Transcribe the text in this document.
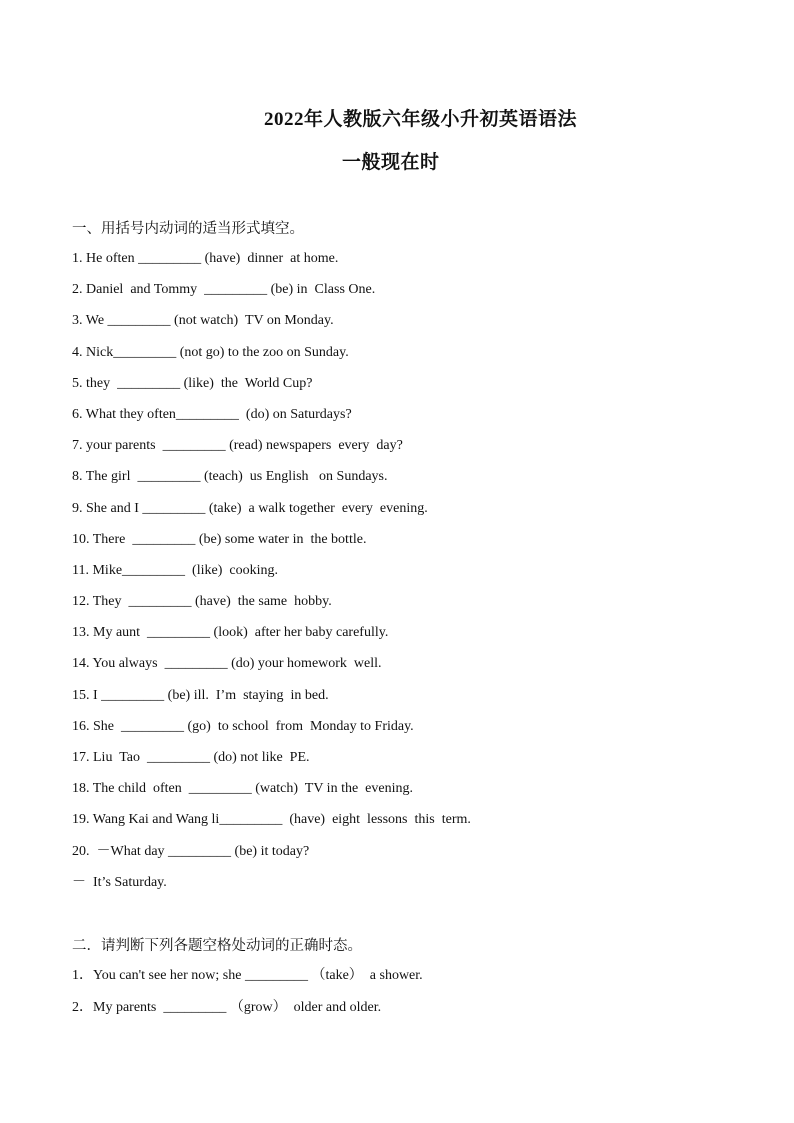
2022年人教版六年级小升初英语语法
一般现在时
一、用括号内动词的适当形式填空。
1. He often _________ (have)  dinner  at home.
2. Daniel  and Tommy  _________ (be) in  Class One.
3. We _________ (not watch)  TV on Monday.
4. Nick_________ (not go) to the zoo on Sunday.
5. they  _________ (like)  the  World Cup?
6. What they often_________  (do) on Saturdays?
7. your parents  _________ (read) newspapers  every  day?
8. The girl  _________ (teach)  us English   on Sundays.
9. She and I _________ (take)  a walk together  every  evening.
10. There  _________ (be) some water in  the bottle.
11. Mike_________  (like)  cooking.
12. They  _________ (have)  the same  hobby.
13. My aunt  _________ (look)  after her baby carefully.
14. You always  _________ (do) your homework  well.
15. I _________ (be) ill.  I’m  staying  in bed.
16. She  _________ (go)  to school  from  Monday to Friday.
17. Liu  Tao  _________ (do) not like  PE.
18. The child  often  _________ (watch)  TV in the  evening.
19. Wang Kai and Wang li_________  (have)  eight  lessons  this  term.
20.  －What day _________ (be) it today?
－  It’s Saturday.
二．请判断下列各题空格处动词的正确时态。
1．You can't see her now; she _________ （take）  a shower.
2．My parents  _________ （grow）  older and older.
